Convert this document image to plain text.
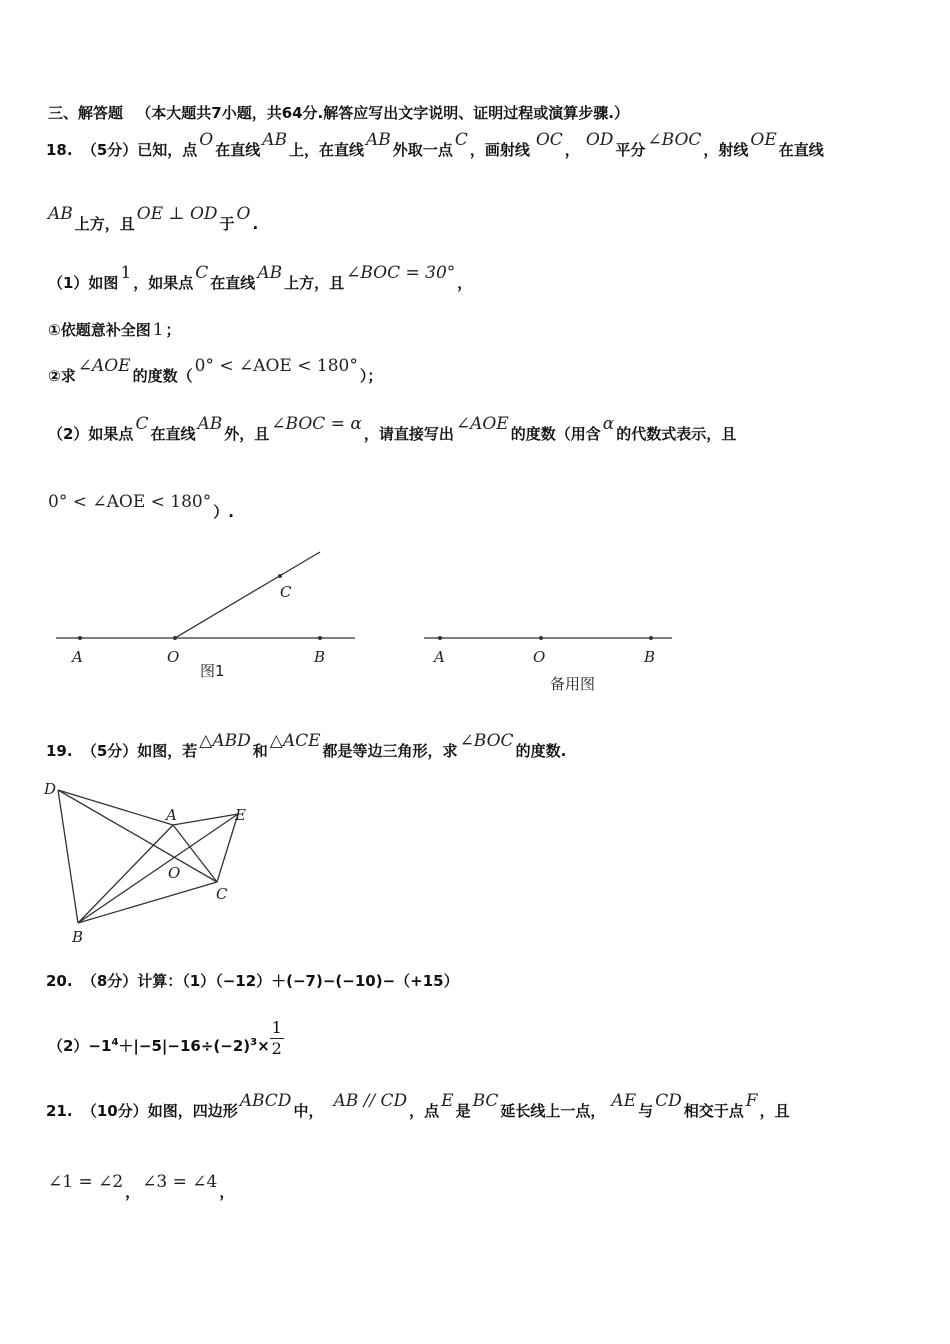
三、解答题 （本大题共7小题，共64分.解答应写出文字说明、证明过程或演算步骤.）
18. （5分）已知，点 O 在直线 AB 上，在直线 AB 外取一点 C ，画射线 OC ， OD 平分 ∠BOC ，射线 OE 在直线
AB 上方，且 OE ⊥ OD 于 O .
（1）如图 1 ，如果点 C 在直线 AB 上方，且 ∠BOC = 30° ，
①依题意补全图 1 ；
②求 ∠AOE 的度数（ 0° < ∠AOE < 180° ）；
（2）如果点 C 在直线 AB 外，且 ∠BOC = α ，请直接写出 ∠AOE 的度数（用含 α 的代数式表示，且
0° < ∠AOE < 180° ）.
A	O	B
C
图1
A	O	B
备用图
19. （5分）如图，若 △ABD 和 △ACE 都是等边三角形，求 ∠BOC 的度数.
D
A	E
O
C
B
20. （8分）计算：（1）（−12）＋(−7)−(−10)−（+15）
$(2)-1^4+|-5|-16\div(-2)^3\times \frac{1}{2}$
21. （10分）如图，四边形 ABCD 中， AB // CD ，点 E 是 BC 延长线上一点， AE 与 CD 相交于点 F ，且
∠1 = ∠2 ， ∠3 = ∠4 ，
